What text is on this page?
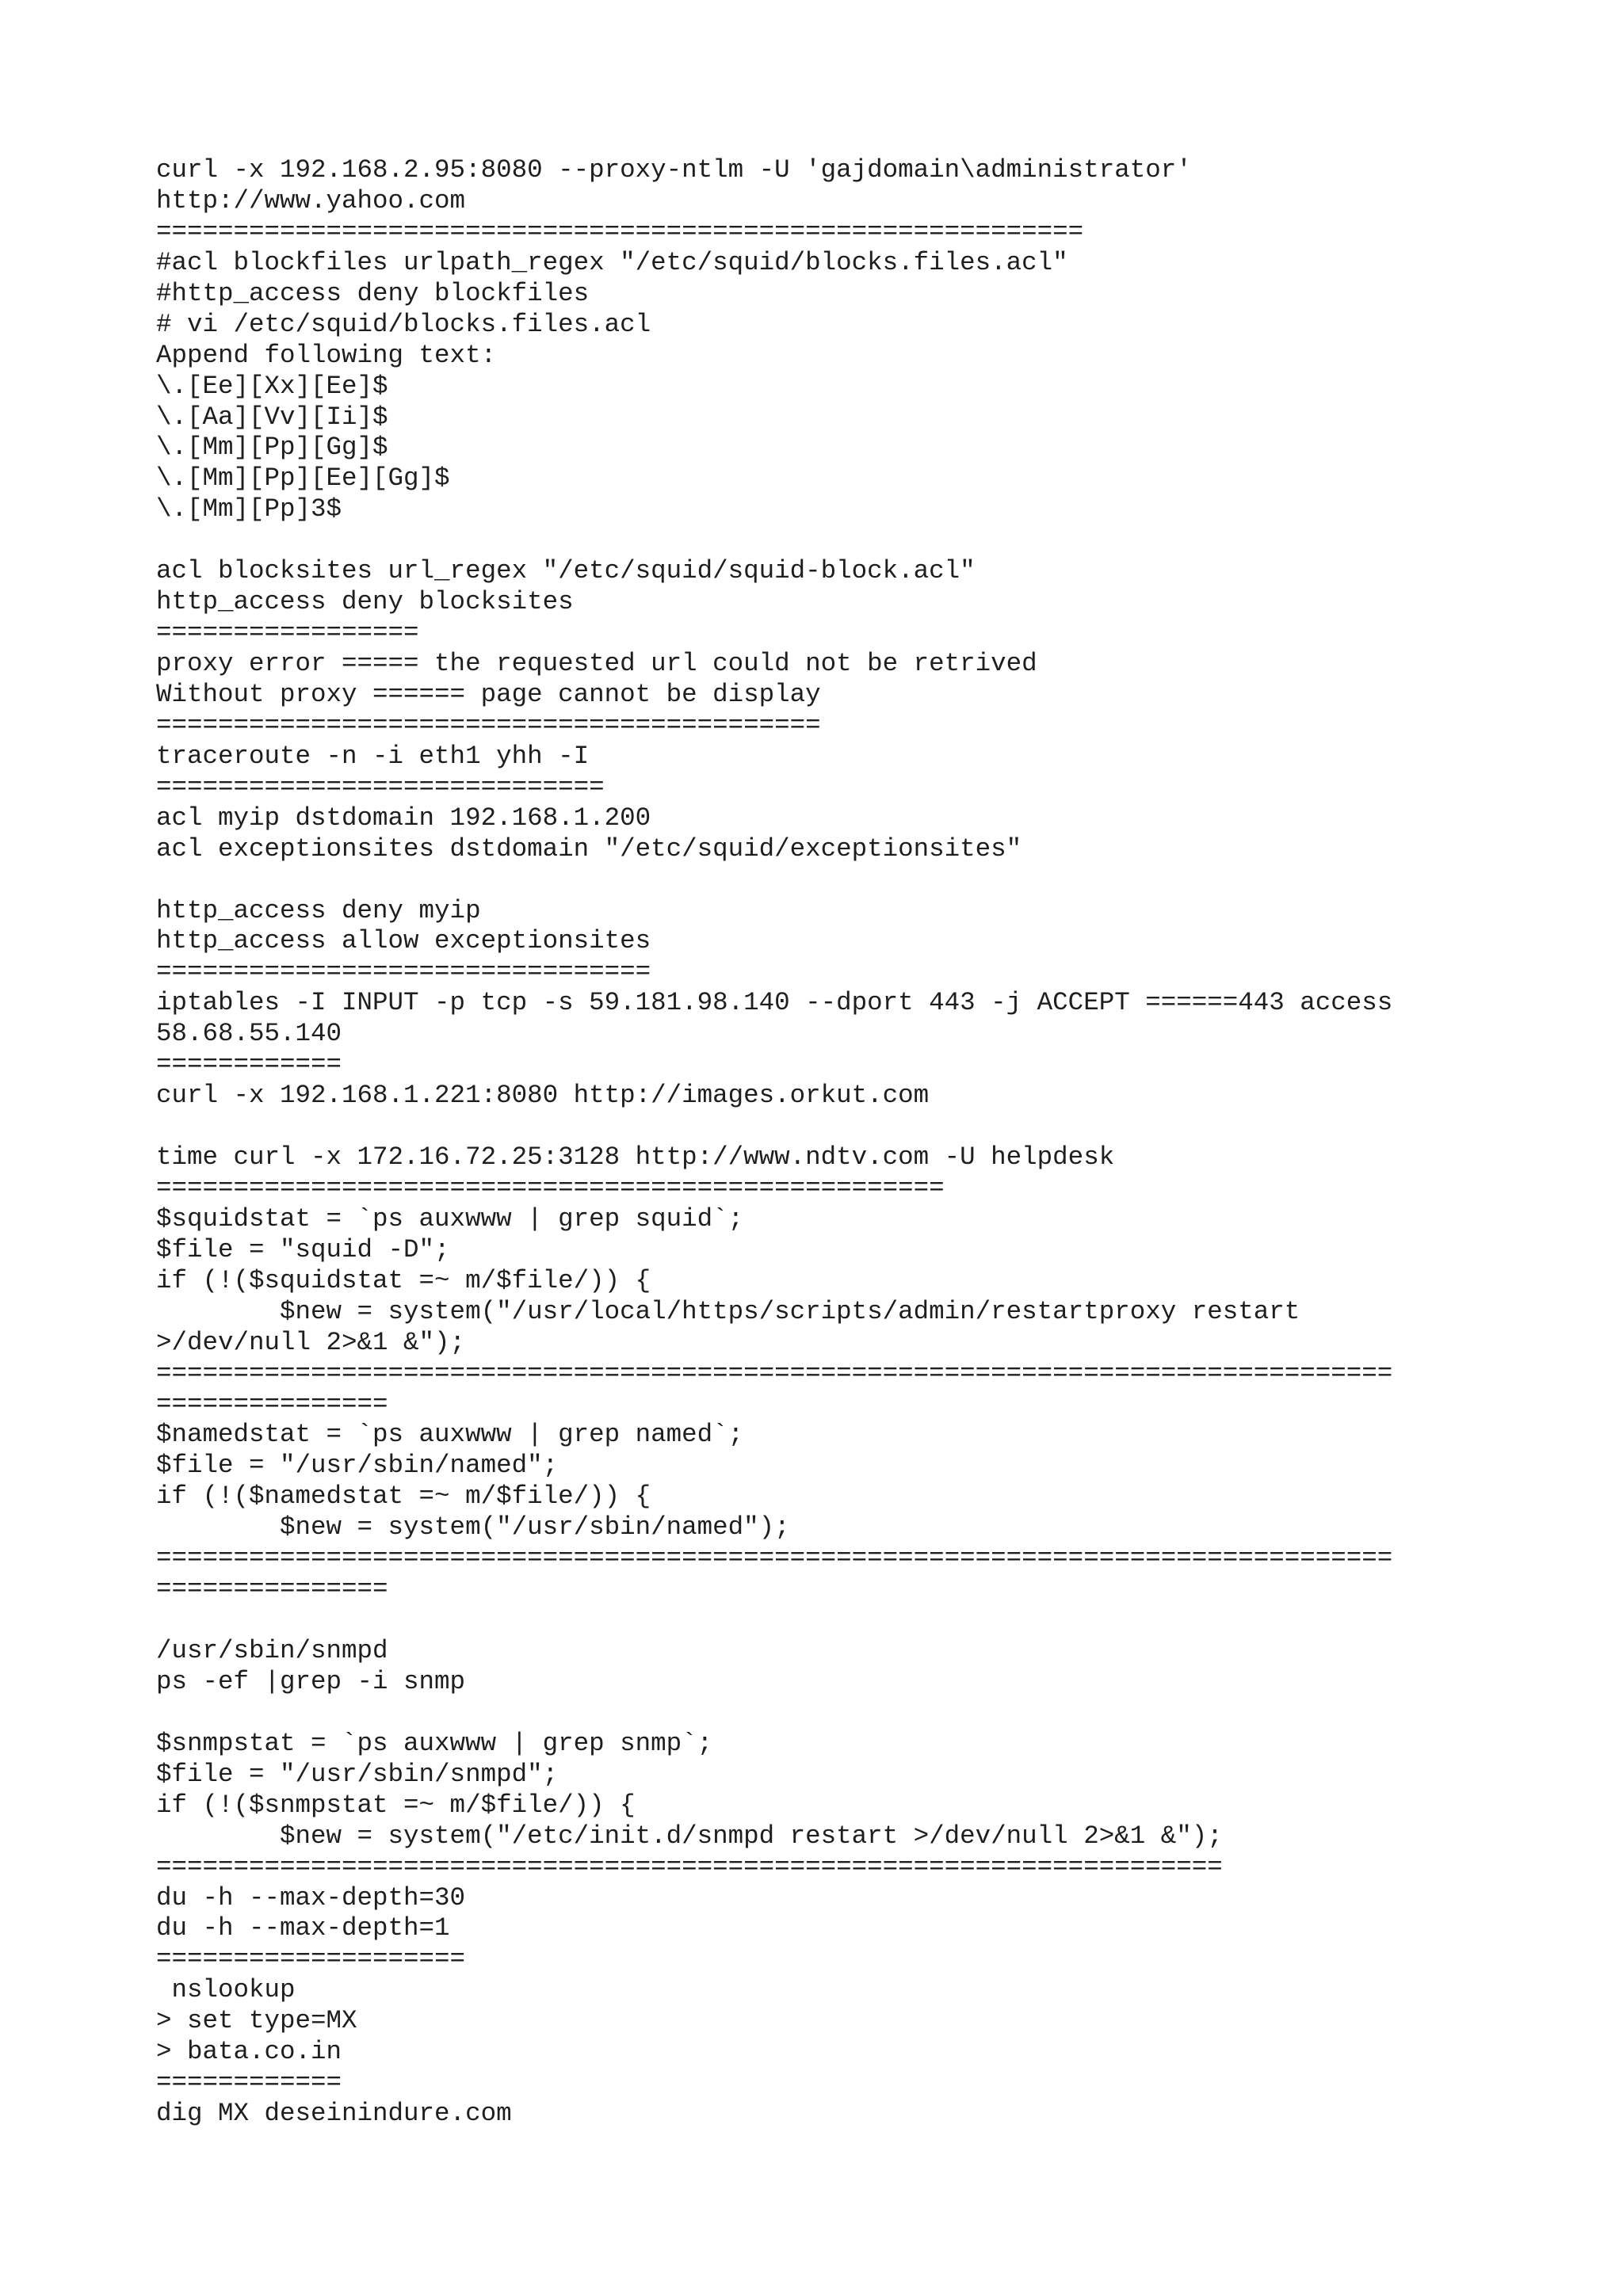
curl -x 192.168.2.95:8080 --proxy-ntlm -U 'gajdomain\administrator'
http://www.yahoo.com
============================================================
#acl blockfiles urlpath_regex "/etc/squid/blocks.files.acl"
#http_access deny blockfiles
# vi /etc/squid/blocks.files.acl
Append following text:
\.[Ee][Xx][Ee]$
\.[Aa][Vv][Ii]$
\.[Mm][Pp][Gg]$
\.[Mm][Pp][Ee][Gg]$
\.[Mm][Pp]3$
acl blocksites url_regex "/etc/squid/squid-block.acl"
http_access deny blocksites
=================
proxy error ===== the requested url could not be retrived
Without proxy ====== page cannot be display
===========================================
traceroute -n -i eth1 yhh -I
=============================
acl myip dstdomain 192.168.1.200
acl exceptionsites dstdomain "/etc/squid/exceptionsites"
http_access deny myip
http_access allow exceptionsites
================================
iptables -I INPUT -p tcp -s 59.181.98.140 --dport 443 -j ACCEPT ======443 access
58.68.55.140
============
curl -x 192.168.1.221:8080 http://images.orkut.com
time curl -x 172.16.72.25:3128 http://www.ndtv.com -U helpdesk
===================================================
$squidstat = `ps auxwww | grep squid`;
$file = "squid -D";
if (!($squidstat =~ m/$file/)) {
$new = system("/usr/local/https/scripts/admin/restartproxy restart
>/dev/null 2>&1 &");
================================================================================
===============
$namedstat = `ps auxwww | grep named`;
$file = "/usr/sbin/named";
if (!($namedstat =~ m/$file/)) {
$new = system("/usr/sbin/named");
================================================================================
===============
/usr/sbin/snmpd
ps -ef |grep -i snmp
$snmpstat = `ps auxwww | grep snmp`;
$file = "/usr/sbin/snmpd";
if (!($snmpstat =~ m/$file/)) {
$new = system("/etc/init.d/snmpd restart >/dev/null 2>&1 &");
=====================================================================
du -h --max-depth=30
du -h --max-depth=1
====================
nslookup
> set type=MX
> bata.co.in
============
dig MX deseinindure.com
